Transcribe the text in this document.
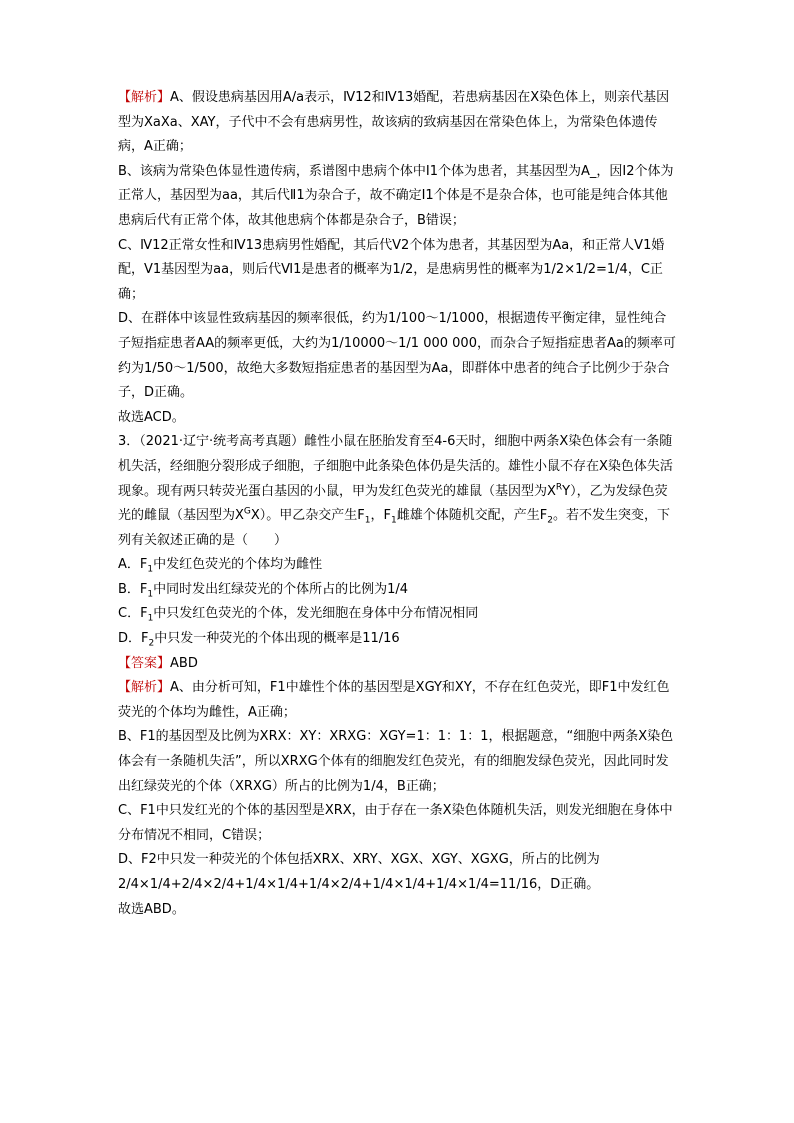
【解析】A、假设患病基因用A/a表示，Ⅳ12和Ⅳ13婚配，若患病基因在X染色体上，则亲代基因型为XaXa、XAY，子代中不会有患病男性，故该病的致病基因在常染色体上，为常染色体遗传病，A正确；

B、该病为常染色体显性遗传病，系谱图中患病个体中Ⅰ1个体为患者，其基因型为A_，因Ⅰ2个体为正常人，基因型为aa，其后代Ⅱ1为杂合子，故不确定Ⅰ1个体是不是杂合体，也可能是纯合体其他患病后代有正常个体，故其他患病个体都是杂合子，B错误；

C、Ⅳ12正常女性和Ⅳ13患病男性婚配，其后代Ⅴ2个体为患者，其基因型为Aa，和正常人Ⅴ1婚配，Ⅴ1基因型为aa，则后代Ⅵ1是患者的概率为1/2，是患病男性的概率为1/2×1/2=1/4，C正确；

D、在群体中该显性致病基因的频率很低，约为1/100～1/1000，根据遗传平衡定律，显性纯合子短指症患者AA的频率更低，大约为1/10000～1/1 000 000，而杂合子短指症患者Aa的频率可约为1/50～1/500，故绝大多数短指症患者的基因型为Aa，即群体中患者的纯合子比例少于杂合子，D正确。

故选ACD。

3．（2021·辽宁·统考高考真题）雌性小鼠在胚胎发育至4-6天时，细胞中两条X染色体会有一条随机失活，经细胞分裂形成子细胞，子细胞中此条染色体仍是失活的。雄性小鼠不存在X染色体失活现象。现有两只转荧光蛋白基因的小鼠，甲为发红色荧光的雄鼠（基因型为$X^RY$），乙为发绿色荧光的雌鼠（基因型为$X^GX$）。甲乙杂交产生$F_1$，$F_1$雌雄个体随机交配，产生$F_2$。若不发生突变，下列有关叙述正确的是（　　）

A．$F_1$中发红色荧光的个体均为雌性

B．$F_1$中同时发出红绿荧光的个体所占的比例为1/4

C．$F_1$中只发红色荧光的个体，发光细胞在身体中分布情况相同

D．$F_2$中只发一种荧光的个体出现的概率是11/16

【答案】ABD

【解析】A、由分析可知，F1中雄性个体的基因型是XGY和XY，不存在红色荧光，即F1中发红色荧光的个体均为雌性，A正确；

B、F1的基因型及比例为XRX：XY：XRXG：XGY=1：1：1：1，根据题意，“细胞中两条X染色体会有一条随机失活”，所以XRXG个体有的细胞发红色荧光，有的细胞发绿色荧光，因此同时发出红绿荧光的个体（XRXG）所占的比例为1/4，B正确；

C、F1中只发红光的个体的基因型是XRX，由于存在一条X染色体随机失活，则发光细胞在身体中分布情况不相同，C错误；

D、F2中只发一种荧光的个体包括XRX、XRY、XGX、XGY、XGXG，所占的比例为2/4×1/4+2/4×2/4+1/4×1/4+1/4×2/4+1/4×1/4+1/4×1/4=11/16，D正确。

故选ABD。
